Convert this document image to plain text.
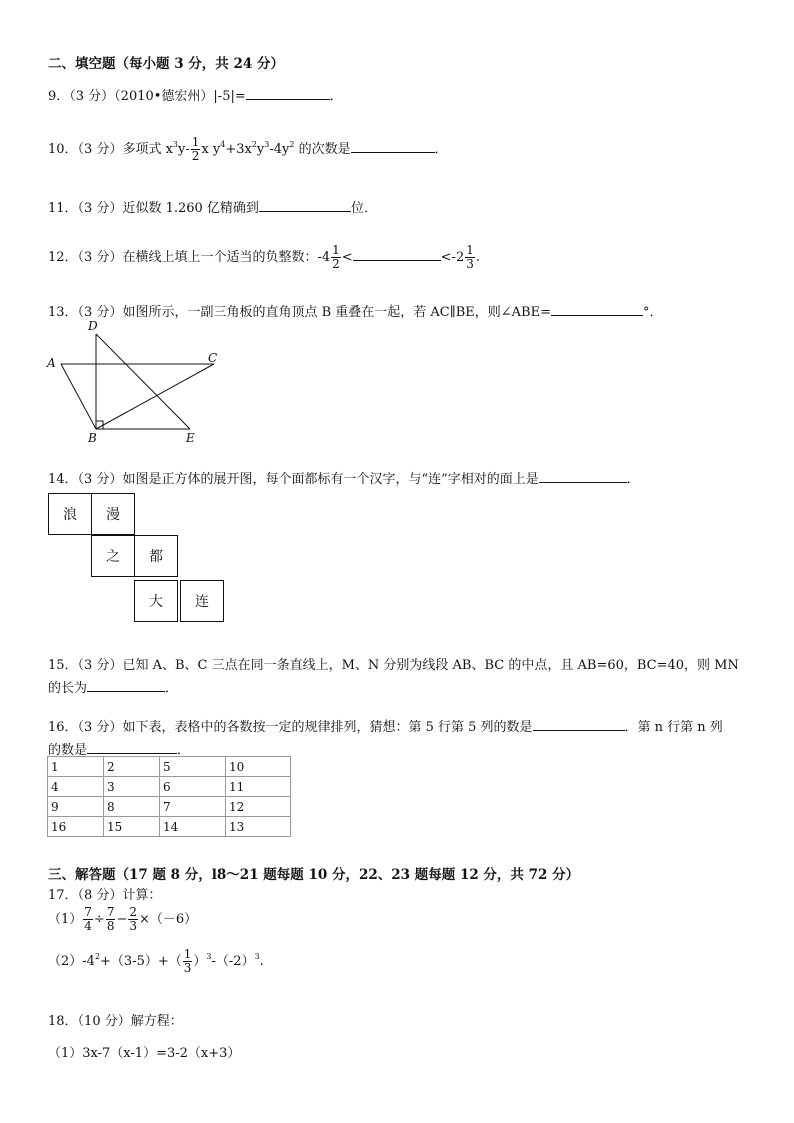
二、填空题（每小题 3 分，共 24 分）
9．（3 分）（2010•德宏州）|-5|=	．
10．（3 分）多项式 $x^3y- \frac{1}{2}$ x $y^4+3x^2y^3-4y^2$ 的次数是	．
11．（3 分）近似数 1.260 亿精确到	位．
12．（3 分）在横线上填上一个适当的负整数：$-4 \frac{1}{2}$ <	$<-2 \frac{1}{3}$ .
13．（3 分）如图所示，一副三角板的直角顶点 B 重叠在一起，若 AC∥BE，则∠ABE=	°．
D
A	C
B	E
14．（3 分）如图是正方体的展开图，每个面都标有一个汉字，与“连”字相对的面上是	．
浪	漫
之	都
大	连
15．（3 分）已知 A、B、C 三点在同一条直线上，M、N 分别为线段 AB、BC 的中点，且 AB=60，BC=40，则 MN
的长为	．
16．（3 分）如下表，表格中的各数按一定的规律排列，猜想：第 5 行第 5 列的数是	．第 n 行第 n 列
的数是	．
1	2	5	10
4	3	6	11
9	8	7	12
16	15	14	13
三、解答题（17 题 8 分，l8～21 题每题 10 分，22、23 题每题 12 分，共 72 分）
17．（8 分）计算：
$(1) \frac{7}{4} \div \frac{7}{8} - \frac{2}{3} \times(-6)$
$(2)-4^2+(3-5)+( \frac{1}{3} )^3-(-2)^3$.
18．（10 分）解方程：
（1）3x-7（x-1）=3-2（x+3）
